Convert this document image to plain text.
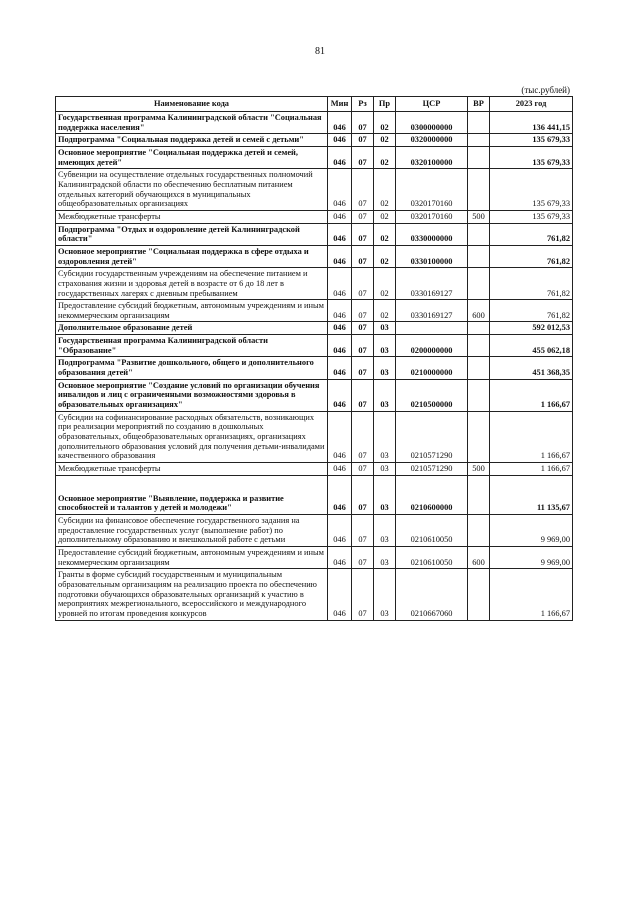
81
(тыс.рублей)
Наименование кода	Мин	Рз	Пр	ЦСР	ВР	2023 год
Государственная программа Калининградской области "Социальная поддержка населения"	046	07	02	0300000000		136 441,15
Подпрограмма "Социальная поддержка детей и семей с детьми"	046	07	02	0320000000		135 679,33
Основное мероприятие "Социальная поддержка детей и семей, имеющих детей"	046	07	02	0320100000		135 679,33
Субвенции на осуществление отдельных государственных полномочий Калининградской области по обеспечению бесплатным питанием отдельных категорий обучающихся в муниципальных общеобразовательных организациях	046	07	02	0320170160		135 679,33
Межбюджетные трансферты	046	07	02	0320170160	500	135 679,33
Подпрограмма "Отдых и оздоровление детей Калининградской области"	046	07	02	0330000000		761,82
Основное мероприятие "Социальная поддержка в сфере отдыха и оздоровления детей"	046	07	02	0330100000		761,82
Субсидии государственным учреждениям на обеспечение питанием и страхования жизни и здоровья детей в возрасте от 6 до 18 лет в государственных лагерях с дневным пребыванием	046	07	02	0330169127		761,82
Предоставление субсидий бюджетным, автономным учреждениям и иным некоммерческим организациям	046	07	02	0330169127	600	761,82
Дополнительное образование детей	046	07	03			592 012,53
Государственная программа Калининградской области "Образование"	046	07	03	0200000000		455 062,18
Подпрограмма "Развитие дошкольного, общего и дополнительного образования детей"	046	07	03	0210000000		451 368,35
Основное мероприятие "Создание условий по организации обучения инвалидов и лиц с ограниченными возможностями здоровья в образовательных организациях"	046	07	03	0210500000		1 166,67
Субсидии на софинансирование расходных обязательств, возникающих при реализации мероприятий по созданию в дошкольных образовательных, общеобразовательных организациях, организациях дополнительного образования условий для получения детьми-инвалидами качественного образования	046	07	03	0210571290		1 166,67
Межбюджетные трансферты	046	07	03	0210571290	500	1 166,67
Основное мероприятие "Выявление, поддержка и развитие способностей и талантов у детей и молодежи"	046	07	03	0210600000		11 135,67
Субсидии на финансовое обеспечение государственного задания на предоставление государственных услуг (выполнение работ) по дополнительному образованию и внешкольной работе с детьми	046	07	03	0210610050		9 969,00
Предоставление субсидий бюджетным, автономным учреждениям и иным некоммерческим организациям	046	07	03	0210610050	600	9 969,00
Гранты в форме субсидий государственным и муниципальным образовательным организациям на реализацию проекта по обеспечению подготовки обучающихся образовательных организаций к участию в мероприятиях межрегионального, всероссийского и международного уровней по итогам проведения конкурсов	046	07	03	0210667060		1 166,67
